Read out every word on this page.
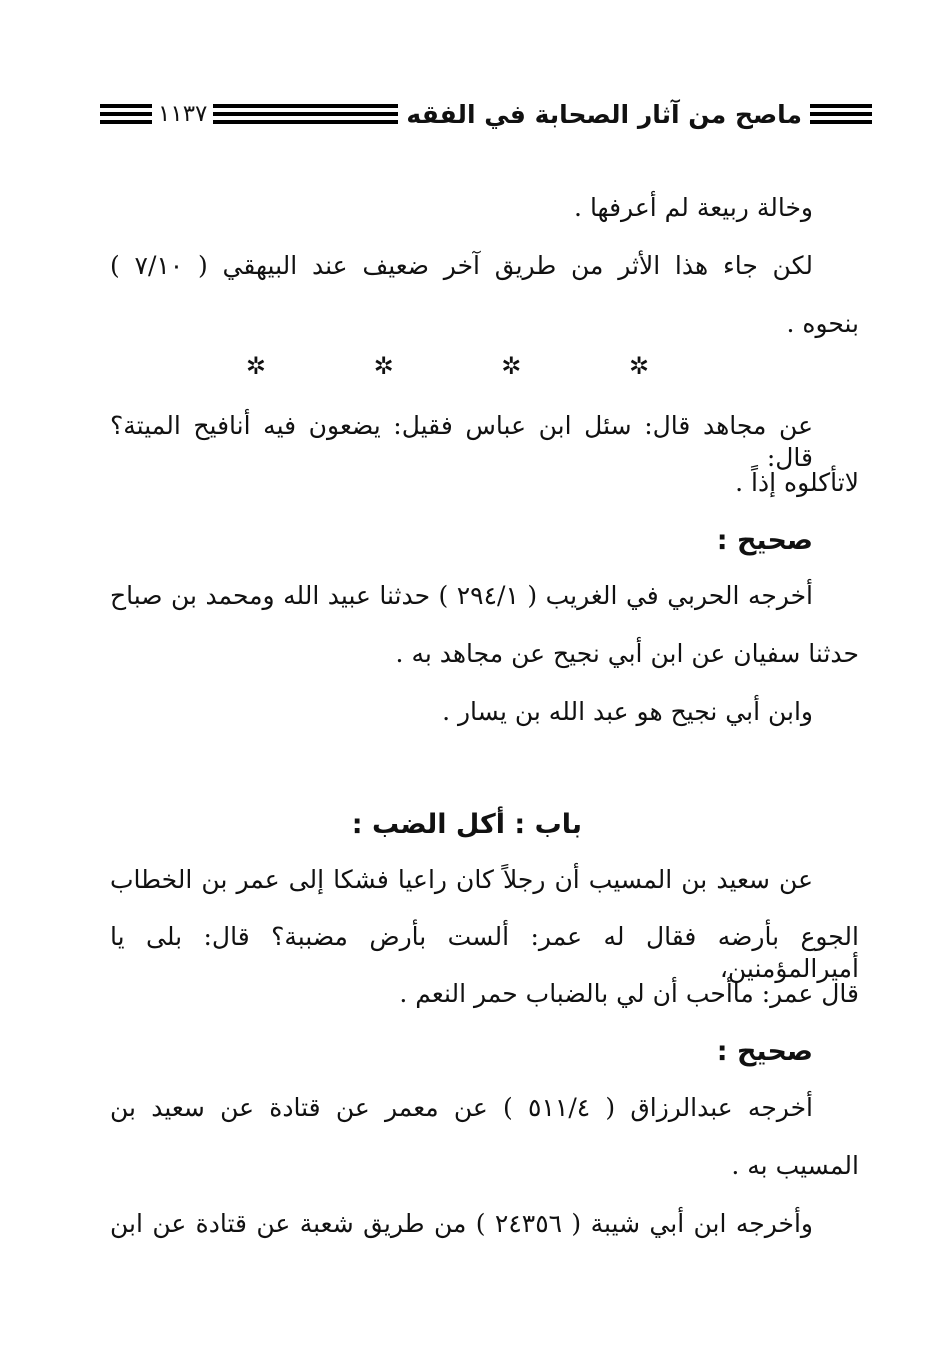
ماصح من آثار الصحابة في الفقه
١١٣٧
وخالة ربيعة لم أعرفها .
لكن جاء هذا الأثر من طريق آخر ضعيف عند البيهقي ( ٧/١٠ )
بنحوه .
✲ ✲ ✲ ✲
عن مجاهد قال: سئل ابن عباس فقيل: يضعون فيه أنافيح الميتة؟ قال:
لاتأكلوه إذاً .
صحيح :
أخرجه الحربي في الغريب ( ٢٩٤/١ ) حدثنا عبيد الله ومحمد بن صباح
حدثنا سفيان عن ابن أبي نجيح عن مجاهد به .
وابن أبي نجيح هو عبد الله بن يسار .
باب : أكل الضب :
عن سعيد بن المسيب أن رجلاً كان راعيا فشكا إلى عمر بن الخطاب
الجوع بأرضه فقال له عمر: ألست بأرض مضببة؟ قال: بلى يا أميرالمؤمنين،
قال عمر: ماأحب أن لي بالضباب حمر النعم .
صحيح :
أخرجه عبدالرزاق ( ٥١١/٤ ) عن معمر عن قتادة عن سعيد بن
المسيب به .
وأخرجه ابن أبي شيبة ( ٢٤٣٥٦ ) من طريق شعبة عن قتادة عن ابن
